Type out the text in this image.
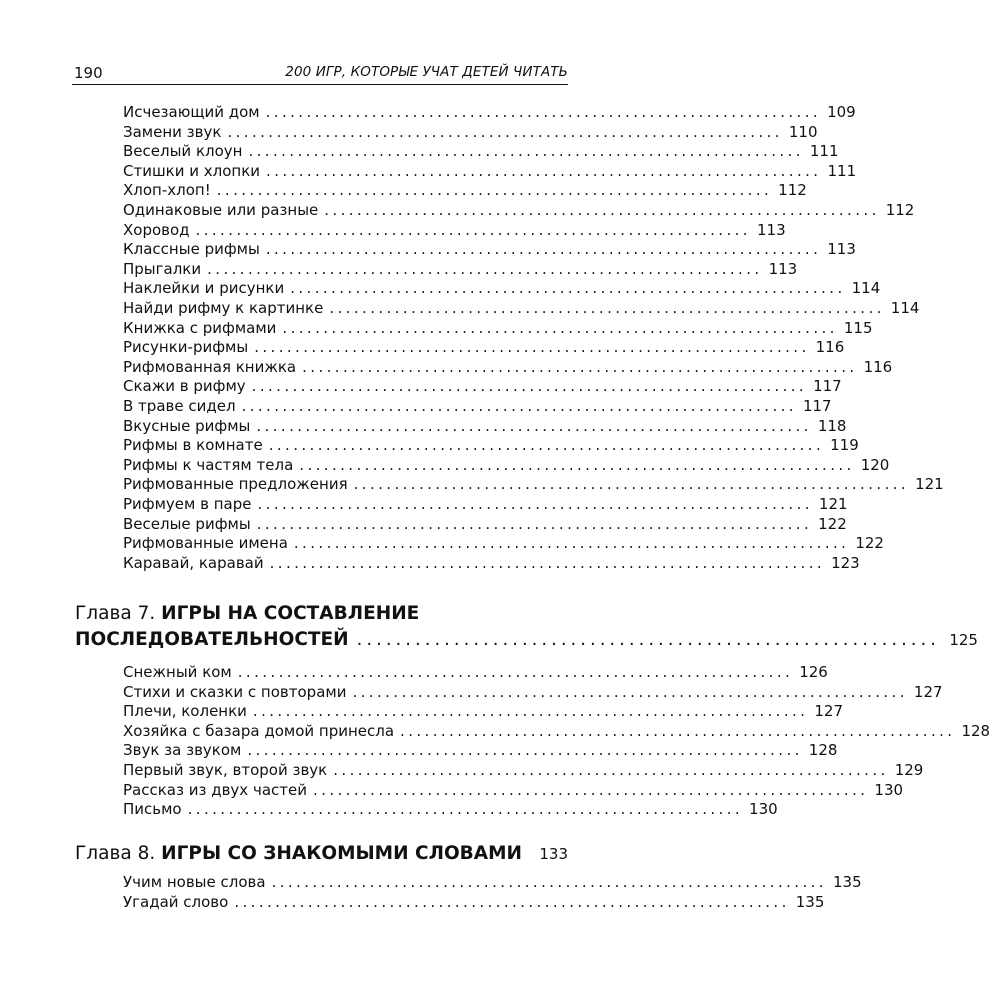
190	200 ИГР, КОТОРЫЕ УЧАТ ДЕТЕЙ ЧИТАТЬ
Исчезающий дом .................................................................... 109
Замени звук .................................................................... 110
Веселый клоун .................................................................... 111
Стишки и хлопки .................................................................... 111
Хлоп-хлоп! .................................................................... 112
Одинаковые или разные .................................................................... 112
Хоровод .................................................................... 113
Классные рифмы .................................................................... 113
Прыгалки .................................................................... 113
Наклейки и рисунки .................................................................... 114
Найди рифму к картинке .................................................................... 114
Книжка с рифмами .................................................................... 115
Рисунки-рифмы .................................................................... 116
Рифмованная книжка .................................................................... 116
Скажи в рифму .................................................................... 117
В траве сидел .................................................................... 117
Вкусные рифмы .................................................................... 118
Рифмы в комнате .................................................................... 119
Рифмы к частям тела .................................................................... 120
Рифмованные предложения .................................................................... 121
Рифмуем в паре .................................................................... 121
Веселые рифмы .................................................................... 122
Рифмованные имена .................................................................... 122
Каравай, каравай .................................................................... 123
Глава 7. ИГРЫ НА СОСТАВЛЕНИЕ
ПОСЛЕДОВАТЕЛЬНОСТЕЙ ............................................................ 125
Снежный ком .................................................................... 126
Стихи и сказки с повторами .................................................................... 127
Плечи, коленки .................................................................... 127
Хозяйка с базара домой принесла .................................................................... 128
Звук за звуком .................................................................... 128
Первый звук, второй звук .................................................................... 129
Рассказ из двух частей .................................................................... 130
Письмо .................................................................... 130
Глава 8.
ИГРЫ СО ЗНАКОМЫМИ СЛОВАМИ 133
Учим новые слова .................................................................... 135
Угадай слово .................................................................... 135
